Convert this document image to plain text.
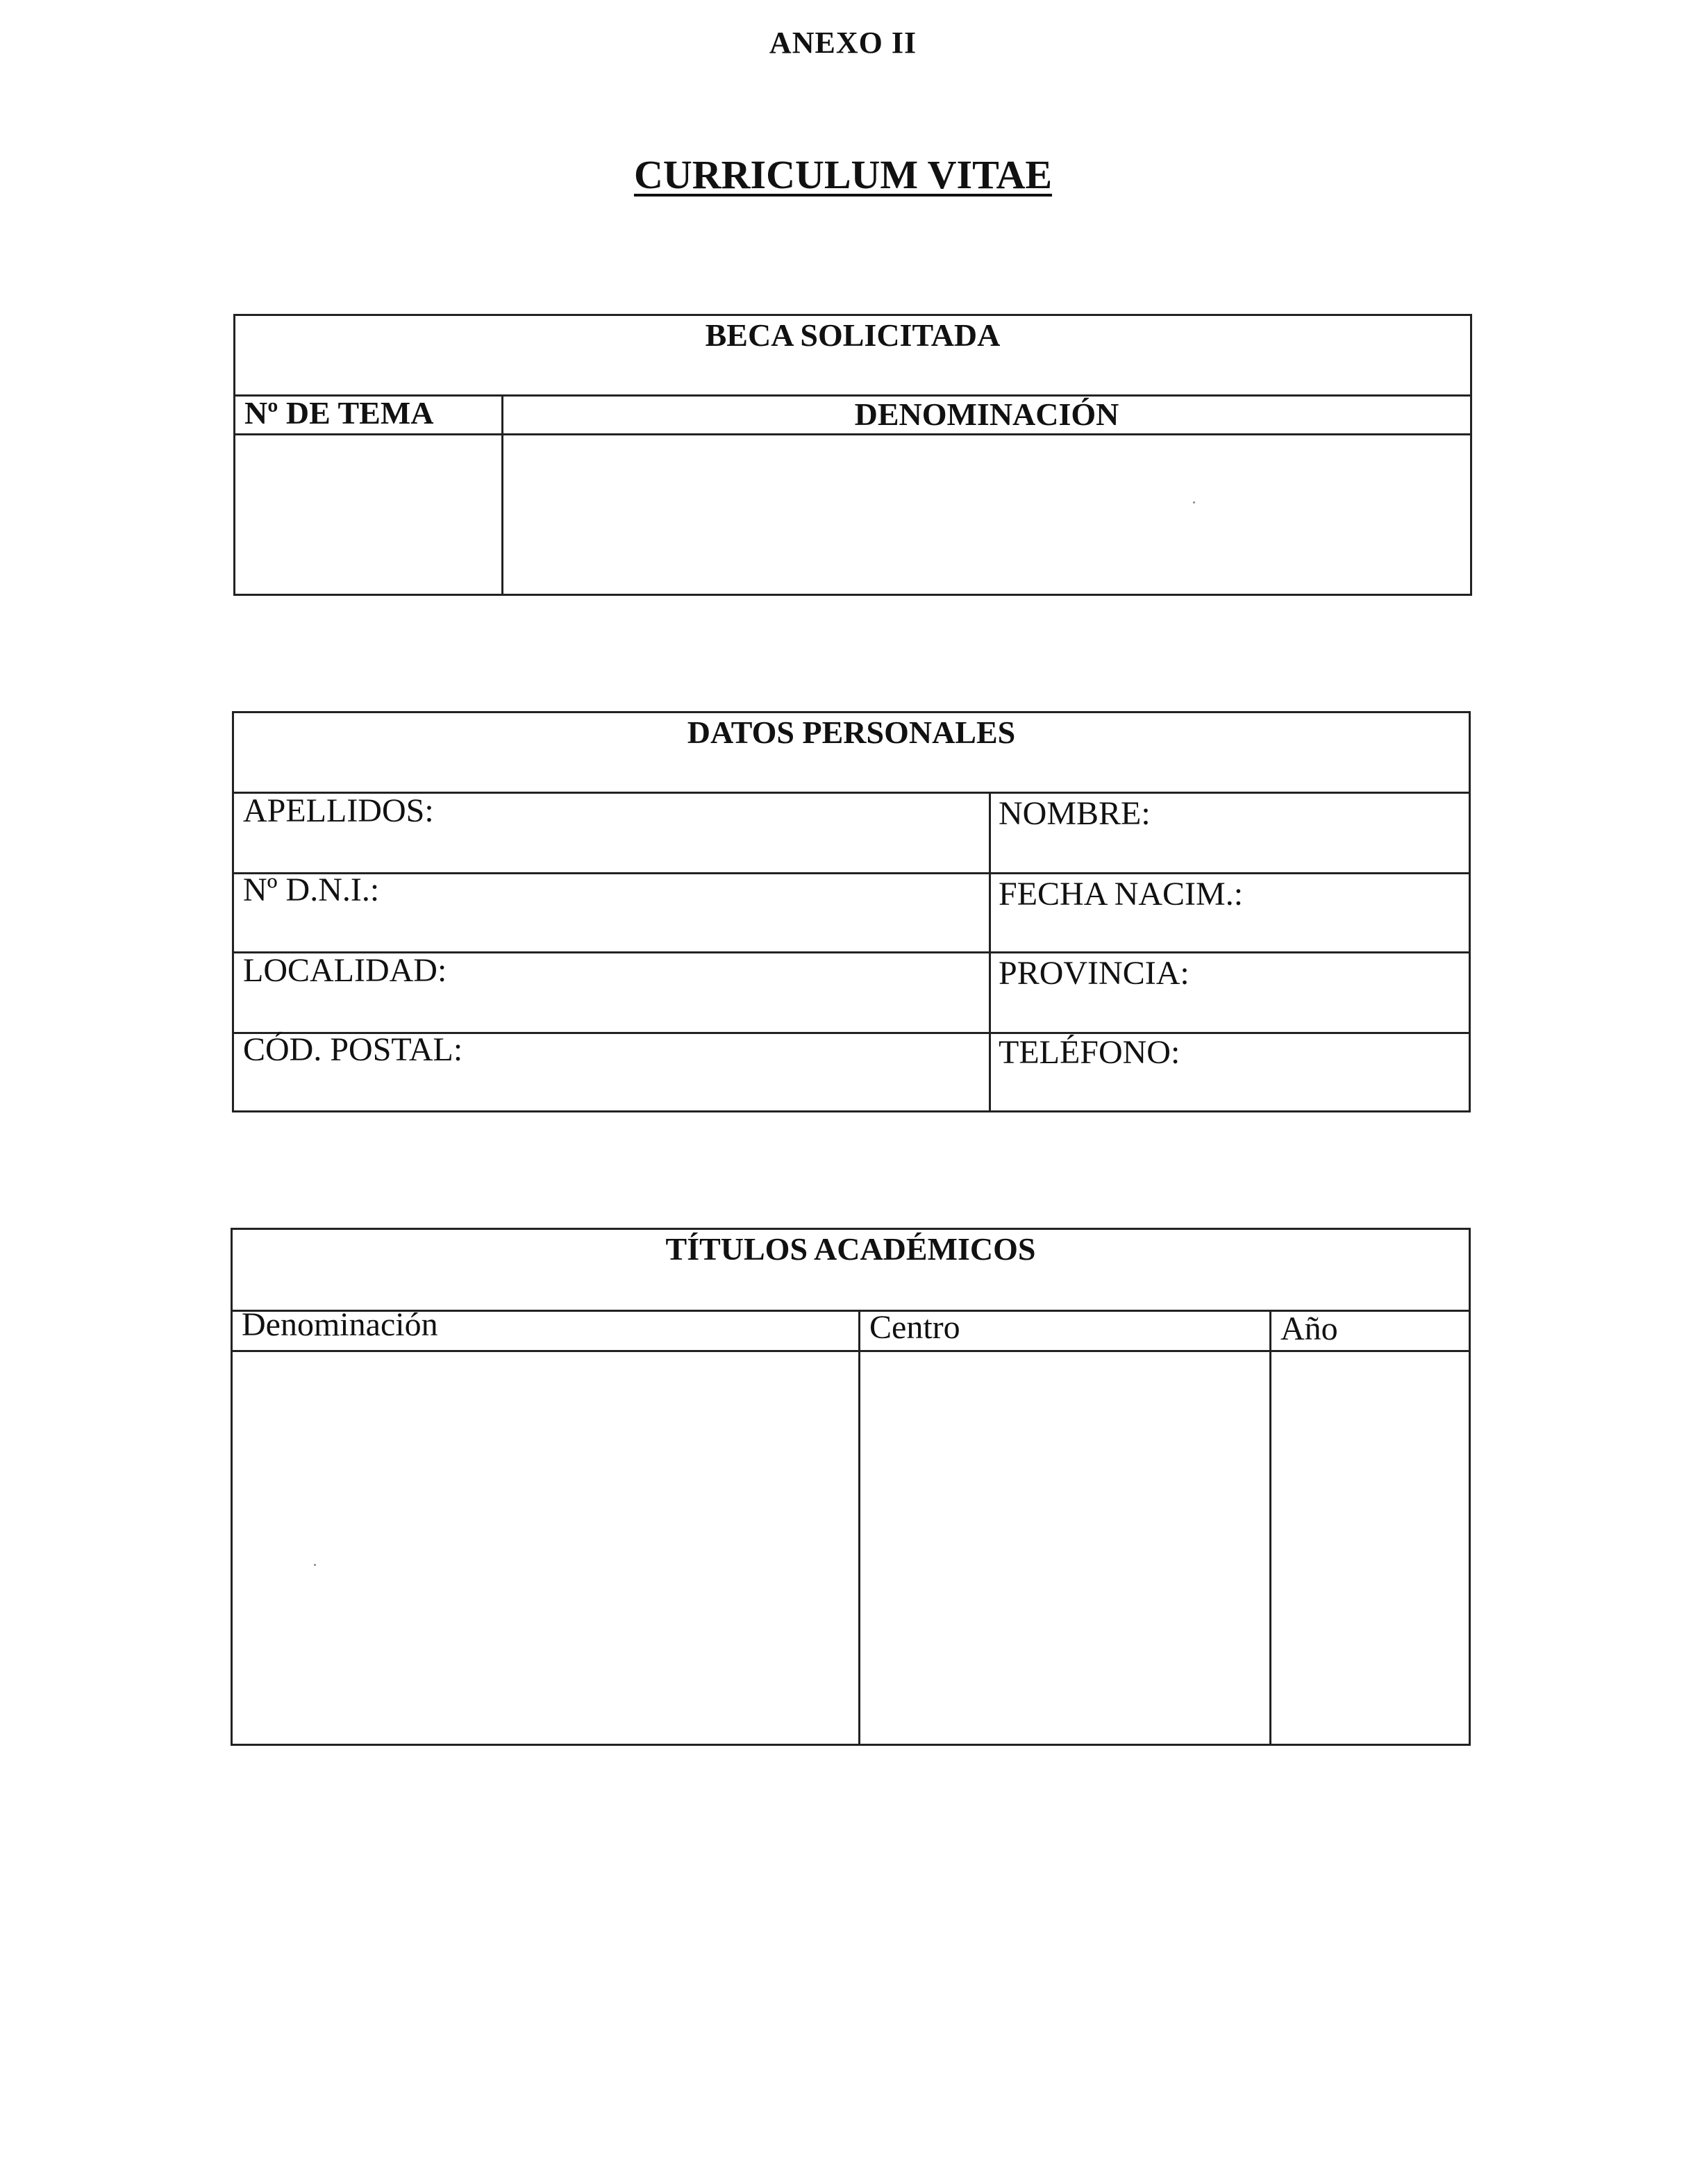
ANEXO II
CURRICULUM VITAE
BECA SOLICITADA
Nº DE TEMA	DENOMINACIÓN
DATOS PERSONALES
APELLIDOS:	NOMBRE:
Nº D.N.I.:	FECHA NACIM.:
LOCALIDAD:	PROVINCIA:
CÓD. POSTAL:	TELÉFONO:
TÍTULOS ACADÉMICOS
Denominación	Centro	Año
